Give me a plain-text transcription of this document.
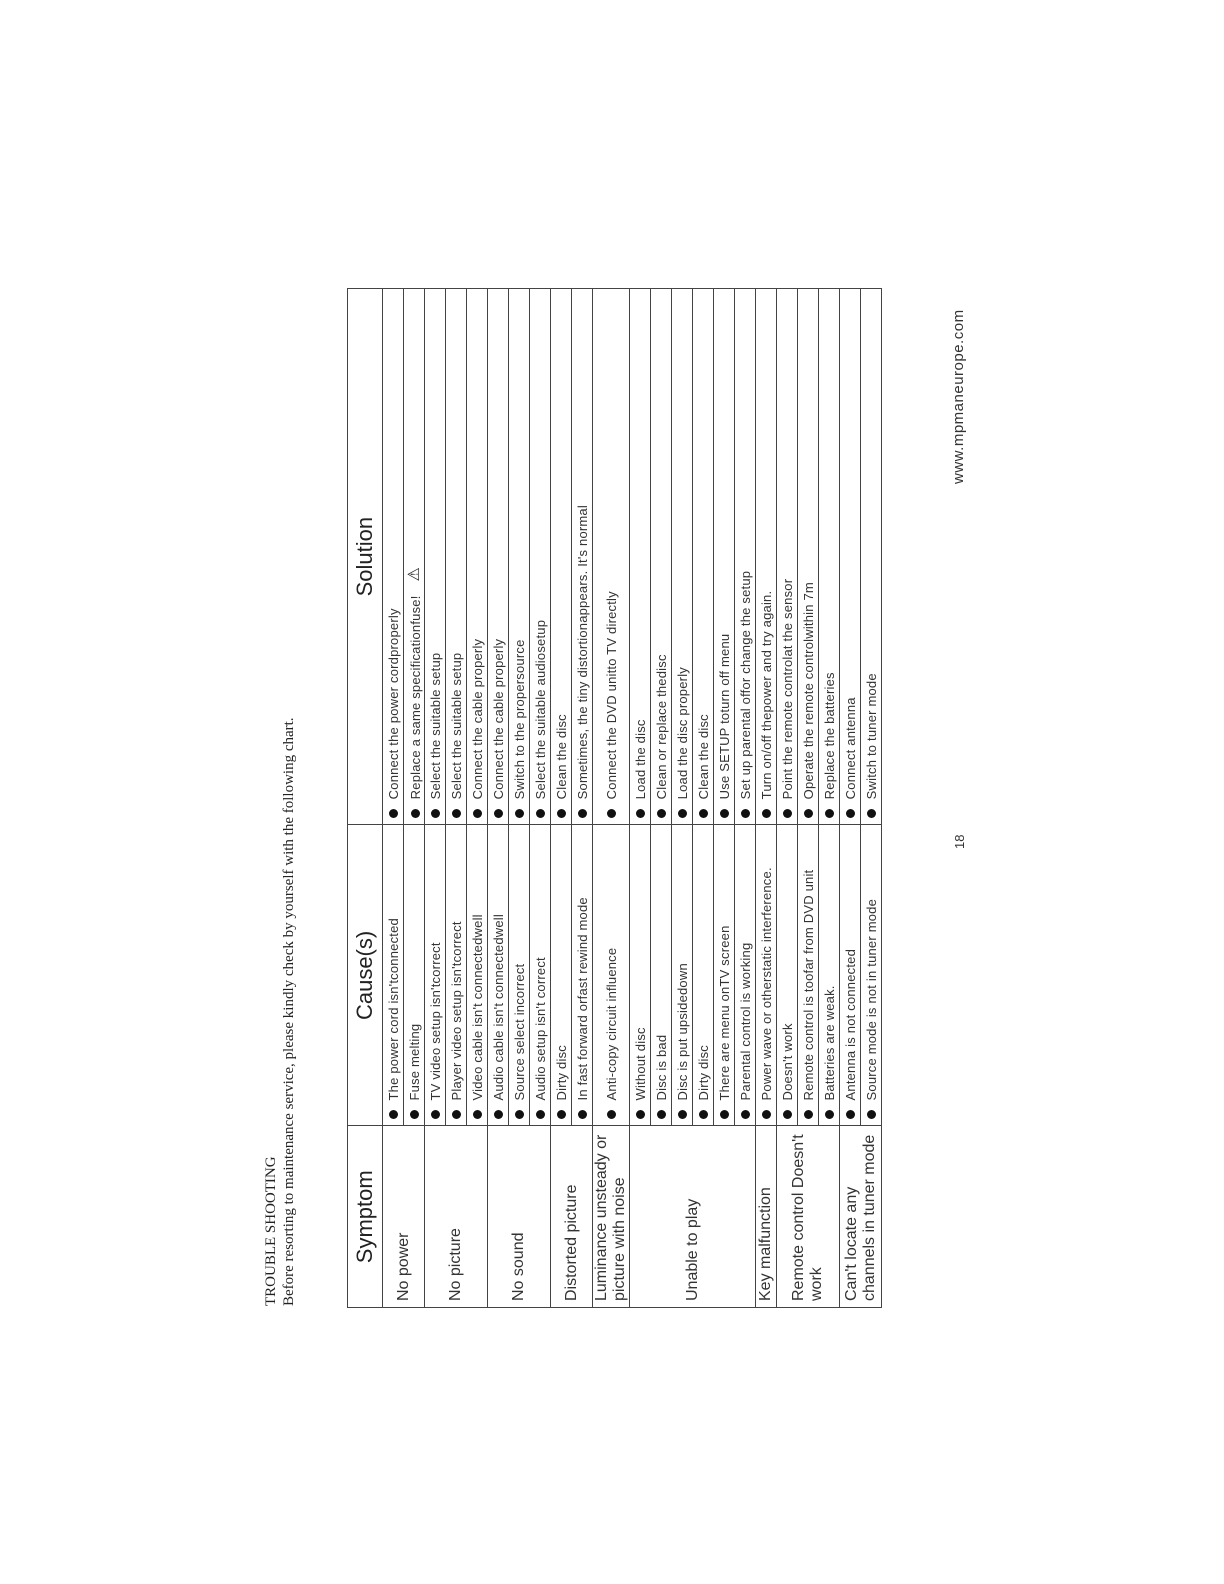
TROUBLE SHOOTING Before resorting to maintenance service, please kindly check by yourself with the following chart.	Symptom	Cause(s)	Solution
No power	The power cord isn'tconnected	Connect the power cordproperly
	Fuse melting	Replace a same specificationfuse!⚠
No picture	TV video setup isn'tcorrect	Select the suitable setup
	Player video setup isn'tcorrect	Select the suitable setup
	Video cable isn't connectedwell	Connect the cable properly
No sound	Audio cable isn't connectedwell	Connect the cable properly
	Source select incorrect	Switch to the propersource
	Audio setup isn't correct	Select the suitable audiosetup
Distorted picture	Dirty disc	Clean the disc
	In fast forward orfast rewind mode	Sometimes, the tiny distortionappears. It's normal
Luminance unsteady or picture with noise	Anti-copy circuit influence	Connect the DVD unitto TV directly
Unable to play	Without disc	Load the disc
	Disc is bad	Clean or replace thedisc
	Disc is put upsidedown	Load the disc properly
	Dirty disc	Clean the disc
	There are menu onTV screen	Use SETUP toturn off menu
	Parental control is working	Set up parental offor change the setup
Key malfunction	Power wave or otherstatic interference.	Turn on/off thepower and try again.
Remote control Doesn't work	Doesn't work	Point the remote controlat the sensor
	Remote control is toofar from DVD unit	Operate the remote controlwithin 7m
	Batteries are weak.	Replace the batteries
Can't locate any channels in tuner mode	Antenna is not connected	Connect antenna
	Source mode is not in tuner mode	Switch to tuner mode
18
www.mpmaneurope.com
